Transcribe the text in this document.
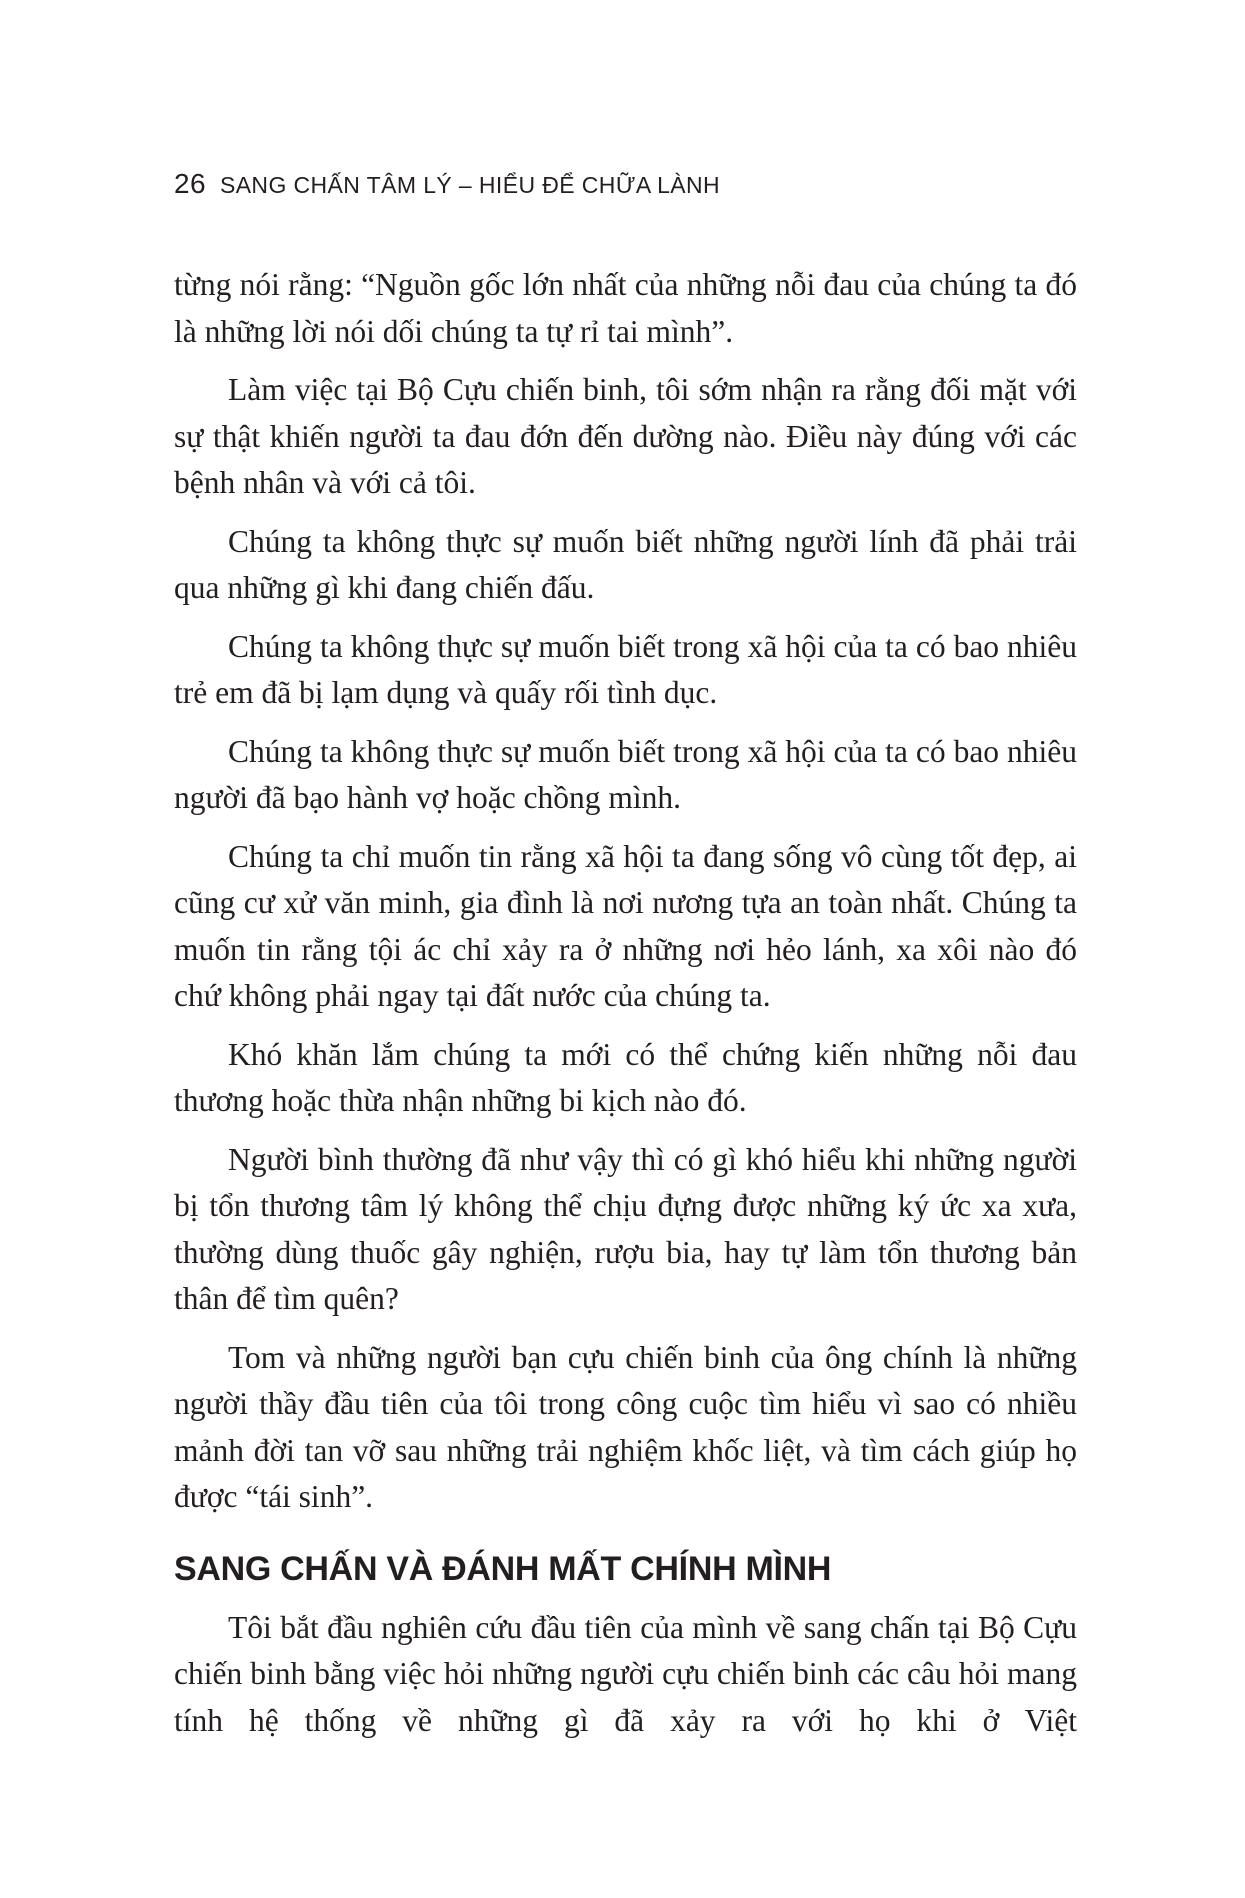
26 SANG CHẤN TÂM LÝ – HIỂU ĐỂ CHỮA LÀNH

từng nói rằng: “Nguồn gốc lớn nhất của những nỗi đau của chúng ta đó là những lời nói dối chúng ta tự rỉ tai mình”.

Làm việc tại Bộ Cựu chiến binh, tôi sớm nhận ra rằng đối mặt với sự thật khiến người ta đau đớn đến dường nào. Điều này đúng với các bệnh nhân và với cả tôi.

Chúng ta không thực sự muốn biết những người lính đã phải trải qua những gì khi đang chiến đấu.

Chúng ta không thực sự muốn biết trong xã hội của ta có bao nhiêu trẻ em đã bị lạm dụng và quấy rối tình dục.

Chúng ta không thực sự muốn biết trong xã hội của ta có bao nhiêu người đã bạo hành vợ hoặc chồng mình.

Chúng ta chỉ muốn tin rằng xã hội ta đang sống vô cùng tốt đẹp, ai cũng cư xử văn minh, gia đình là nơi nương tựa an toàn nhất. Chúng ta muốn tin rằng tội ác chỉ xảy ra ở những nơi hẻo lánh, xa xôi nào đó chứ không phải ngay tại đất nước của chúng ta.

Khó khăn lắm chúng ta mới có thể chứng kiến những nỗi đau thương hoặc thừa nhận những bi kịch nào đó.

Người bình thường đã như vậy thì có gì khó hiểu khi những người bị tổn thương tâm lý không thể chịu đựng được những ký ức xa xưa, thường dùng thuốc gây nghiện, rượu bia, hay tự làm tổn thương bản thân để tìm quên?

Tom và những người bạn cựu chiến binh của ông chính là những người thầy đầu tiên của tôi trong công cuộc tìm hiểu vì sao có nhiều mảnh đời tan vỡ sau những trải nghiệm khốc liệt, và tìm cách giúp họ được “tái sinh”.

SANG CHẤN VÀ ĐÁNH MẤT CHÍNH MÌNH

Tôi bắt đầu nghiên cứu đầu tiên của mình về sang chấn tại Bộ Cựu chiến binh bằng việc hỏi những người cựu chiến binh các câu hỏi mang tính hệ thống về những gì đã xảy ra với họ khi ở Việt
